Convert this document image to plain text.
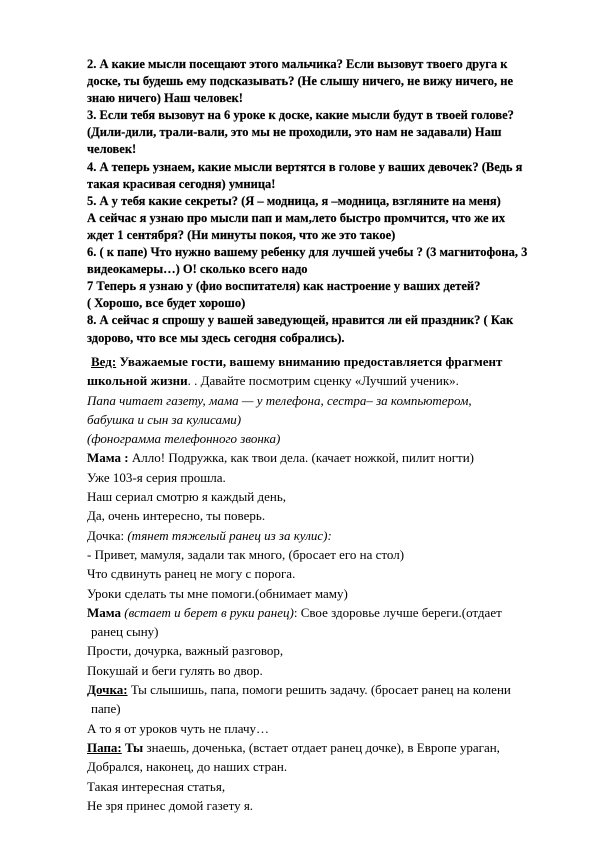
2. А какие мысли посещают этого мальчика? Если вызовут твоего друга к

доске, ты будешь ему подсказывать? (Не слышу ничего, не вижу ничего, не

знаю ничего) Наш человек!

3. Если тебя вызовут на 6 уроке к доске, какие мысли будут в твоей голове?

(Дили-дили, трали-вали, это мы не проходили, это нам не задавали) Наш

человек!

4. А теперь узнаем, какие мысли вертятся в голове у ваших девочек? (Ведь я

такая красивая сегодня) умница!

5. А у тебя какие секреты? (Я – модница, я –модница, взгляните на меня)

А сейчас я узнаю про мысли пап и мам,лето быстро промчится, что же их

ждет 1 сентября? (Ни минуты покоя, что же это такое)

6. ( к папе) Что нужно вашему ребенку для лучшей учебы ? (3 магнитофона, 3

видеокамеры…) О! сколько всего надо

7 Теперь я узнаю у (фио воспитателя) как настроение у ваших детей?

( Хорошо, все будет хорошо)

8. А сейчас я спрошу у вашей заведующей, нравится ли ей праздник? ( Как

здорово, что все мы здесь сегодня собрались).

Вед: Уважаемые гости, вашему вниманию предоставляется фрагмент

школьной жизни. . Давайте посмотрим сценку «Лучший ученик».

Папа читает газету, мама — у телефона, сестра– за компьютером,

бабушка и сын за кулисами)

(фонограмма телефонного звонка)

Мама : Алло! Подружка, как твои дела. (качает ножкой, пилит ногти)

Уже 103-я серия прошла.

Наш сериал смотрю я каждый день,

Да, очень интересно, ты поверь.

Дочка: (тянет тяжелый ранец из за кулис):

- Привет, мамуля, задали так много, (бросает его на стол)

Что сдвинуть ранец не могу с порога.

Уроки сделать ты мне помоги.(обнимает маму)

Мама (встает и берет в руки ранец): Свое здоровье лучше береги.(отдает

ранец сыну)

Прости, дочурка, важный разговор,

Покушай и беги гулять во двор.

Дочка: Ты слышишь, папа, помоги решить задачу. (бросает ранец на колени

папе)

А то я от уроков чуть не плачу…

Папа: Ты знаешь, доченька, (встает отдает ранец дочке), в Европе ураган,

Добрался, наконец, до наших стран.

Такая интересная статья,

Не зря принес домой газету я.
